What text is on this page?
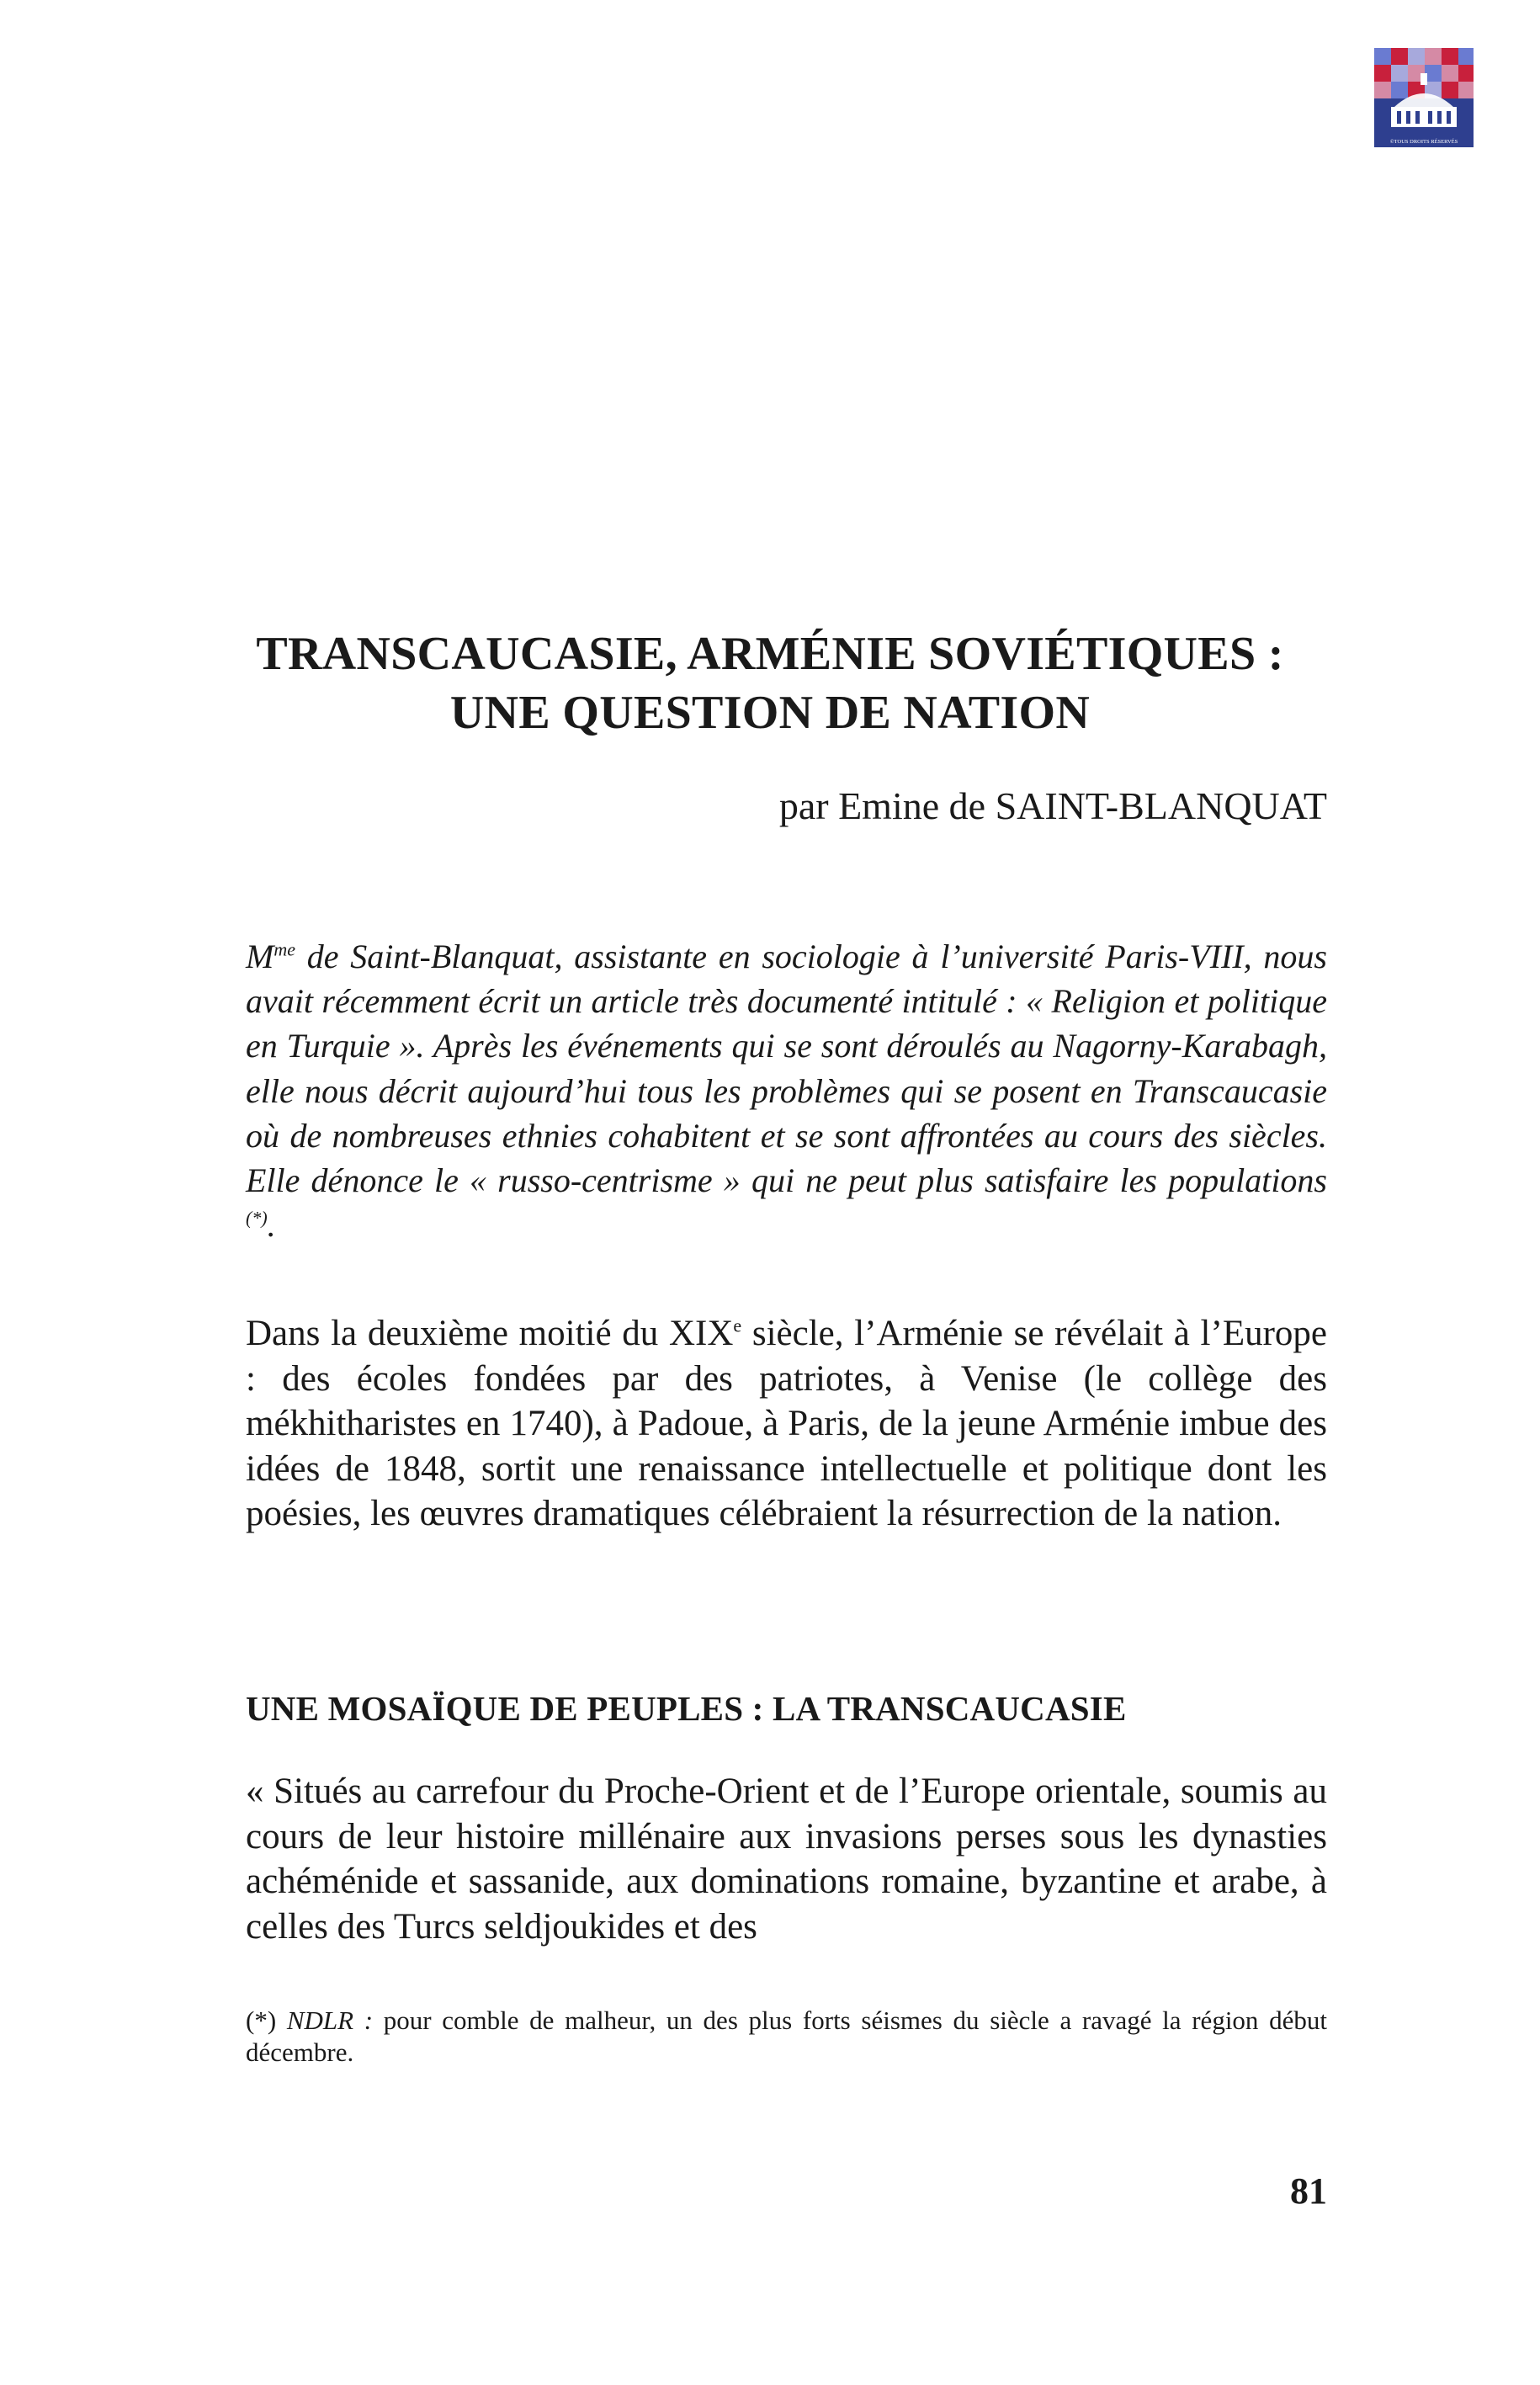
©TOUS DROITS RÉSERVÉS
TRANSCAUCASIE, ARMÉNIE SOVIÉTIQUES :
UNE QUESTION DE NATION

par Emine de SAINT-BLANQUAT

$M^{me}$ de Saint-Blanquat, assistante en sociologie à l’université Paris-VIII, nous avait récemment écrit un article très documenté intitulé : « Religion et politique en Turquie ». Après les événements qui se sont déroulés au Nagorny-Karabagh, elle nous décrit aujourd’hui tous les problèmes qui se posent en Transcaucasie où de nombreuses ethnies cohabitent et se sont affrontées au cours des siècles. Elle dénonce le « russo-centrisme » qui ne peut plus satisfaire les populations (*).

Dans la deuxième moitié du XIXe siècle, l’Arménie se révélait à l’Europe : des écoles fondées par des patriotes, à Venise (le collège des mékhitharistes en 1740), à Padoue, à Paris, de la jeune Arménie imbue des idées de 1848, sortit une renaissance intellectuelle et politique dont les poésies, les œuvres dramatiques célébraient la résurrection de la nation.

UNE MOSAÏQUE DE PEUPLES : LA TRANSCAUCASIE

« Situés au carrefour du Proche-Orient et de l’Europe orientale, soumis au cours de leur histoire millénaire aux invasions perses sous les dynasties achéménide et sassanide, aux dominations romaine, byzantine et arabe, à celles des Turcs seldjoukides et des

(*) NDLR : pour comble de malheur, un des plus forts séismes du siècle a ravagé la région début décembre.

81
